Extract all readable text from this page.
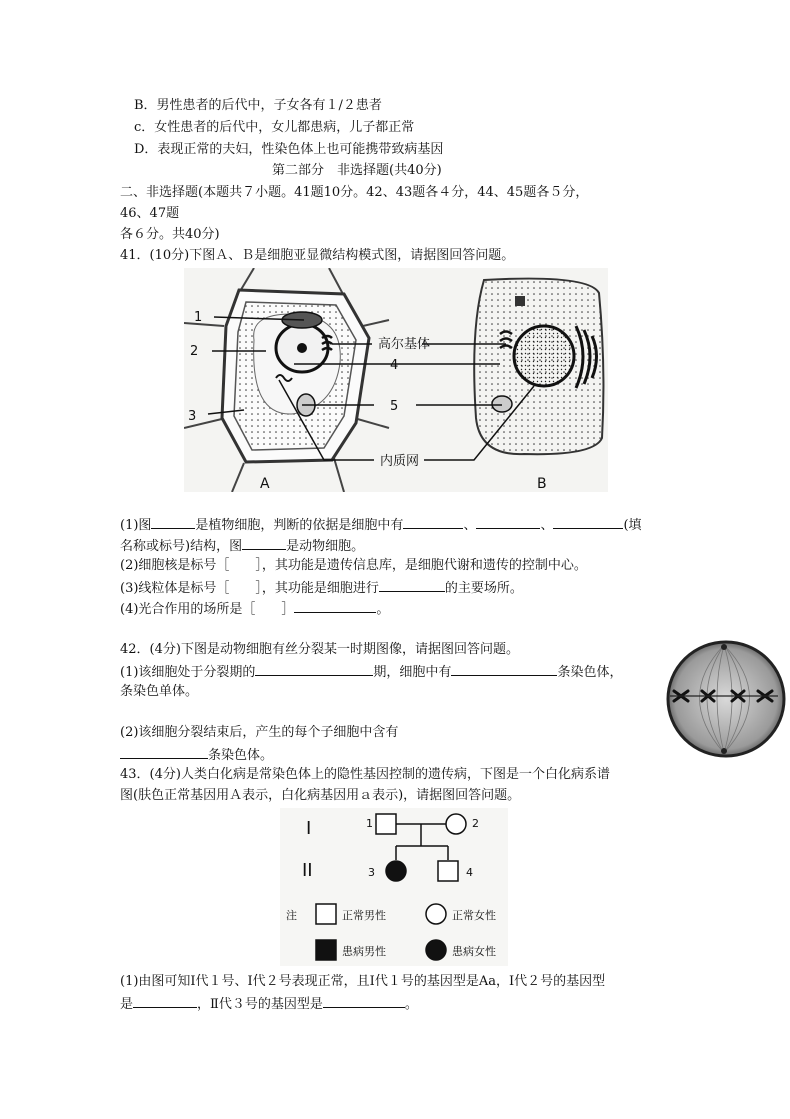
B．男性患者的后代中，子女各有１/２患者
c．女性患者的后代中，女儿都患病，儿子都正常
D．表现正常的夫妇，性染色体上也可能携带致病基因
第二部分　非选择题(共40分)
二、非选择题(本题共７小题。41题10分。42、43题各４分，44、45题各５分，
46、47题
各６分。共40分)
41．(10分)下图Ａ、Ｂ是细胞亚显微结构模式图，请据图回答问题。
1
2
3
4
5
高尔基体
内质网
A	B
(1)图	是植物细胞，判断的依据是细胞中有	、	、	(填
名称或标号)结构，图	是动物细胞。
(2)细胞核是标号［　　］，其功能是遗传信息库，是细胞代谢和遗传的控制中心。
(3)线粒体是标号［　　］，其功能是细胞进行	的主要场所。
(4)光合作用的场所是［　　］	。
42．(4分)下图是动物细胞有丝分裂某一时期图像，请据图回答问题。
(1)该细胞处于分裂期的	期，细胞中有	条染色体，
条染色单体。
(2)该细胞分裂结束后，产生的每个子细胞中含有
条染色体。
43．(4分)人类白化病是常染色体上的隐性基因控制的遗传病，下图是一个白化病系谱
图(肤色正常基因用Ａ表示，白化病基因用ａ表示)，请据图回答问题。
I
II
1	2
3	4
注	正常男性	正常女性
患病男性	患病女性
(1)由图可知Ⅰ代１号、Ⅰ代２号表现正常，且Ⅰ代１号的基因型是Aa，Ⅰ代２号的基因型
是	，Ⅱ代３号的基因型是	。
